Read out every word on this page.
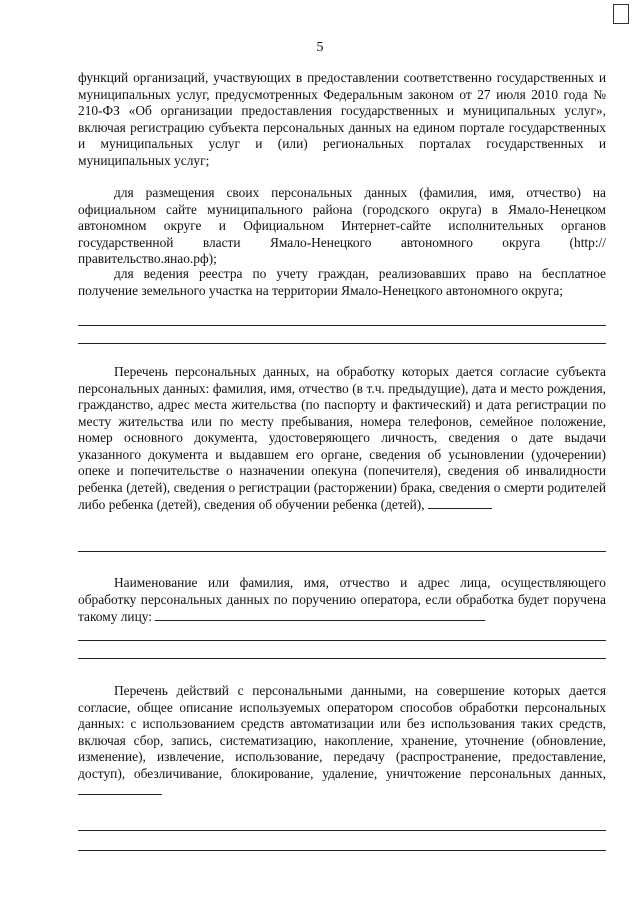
5
функций организаций, участвующих в предоставлении соответственно государственных и муниципальных услуг, предусмотренных Федеральным законом от 27 июля 2010 года № 210-ФЗ «Об организации предоставления государственных и муниципальных услуг», включая регистрацию субъекта персональных данных на едином портале государственных и муниципальных услуг и (или) региональных порталах государственных и муниципальных услуг;
для размещения своих персональных данных (фамилия, имя, отчество) на официальном сайте муниципального района (городского округа) в Ямало-Ненецком автономном округе и Официальном Интернет-сайте исполнительных органов государственной власти Ямало-Ненецкого автономного округа (http://правительство.янао.рф);
для ведения реестра по учету граждан, реализовавших право на бесплатное получение земельного участка на территории Ямало-Ненецкого автономного округа;
Перечень персональных данных, на обработку которых дается согласие субъекта персональных данных: фамилия, имя, отчество (в т.ч. предыдущие), дата и место рождения, гражданство, адрес места жительства (по паспорту и фактический) и дата регистрации по месту жительства или по месту пребывания, номера телефонов, семейное положение, номер основного документа, удостоверяющего личность, сведения о дате выдачи указанного документа и выдавшем его органе, сведения об усыновлении (удочерении) опеке и попечительстве о назначении опекуна (попечителя), сведения об инвалидности ребенка (детей), сведения о регистрации (расторжении) брака, сведения о смерти родителей либо ребенка (детей), сведения об обучении ребенка (детей),
Наименование или фамилия, имя, отчество и адрес лица, осуществляющего обработку персональных данных по поручению оператора, если обработка будет поручена такому лицу:
Перечень действий с персональными данными, на совершение которых дается согласие, общее описание используемых оператором способов обработки персональных данных: с использованием средств автоматизации или без использования таких средств, включая сбор, запись, систематизацию, накопление, хранение, уточнение (обновление, изменение), извлечение, использование, передачу (распространение, предоставление, доступ), обезличивание, блокирование, удаление, уничтожение персональных данных,
